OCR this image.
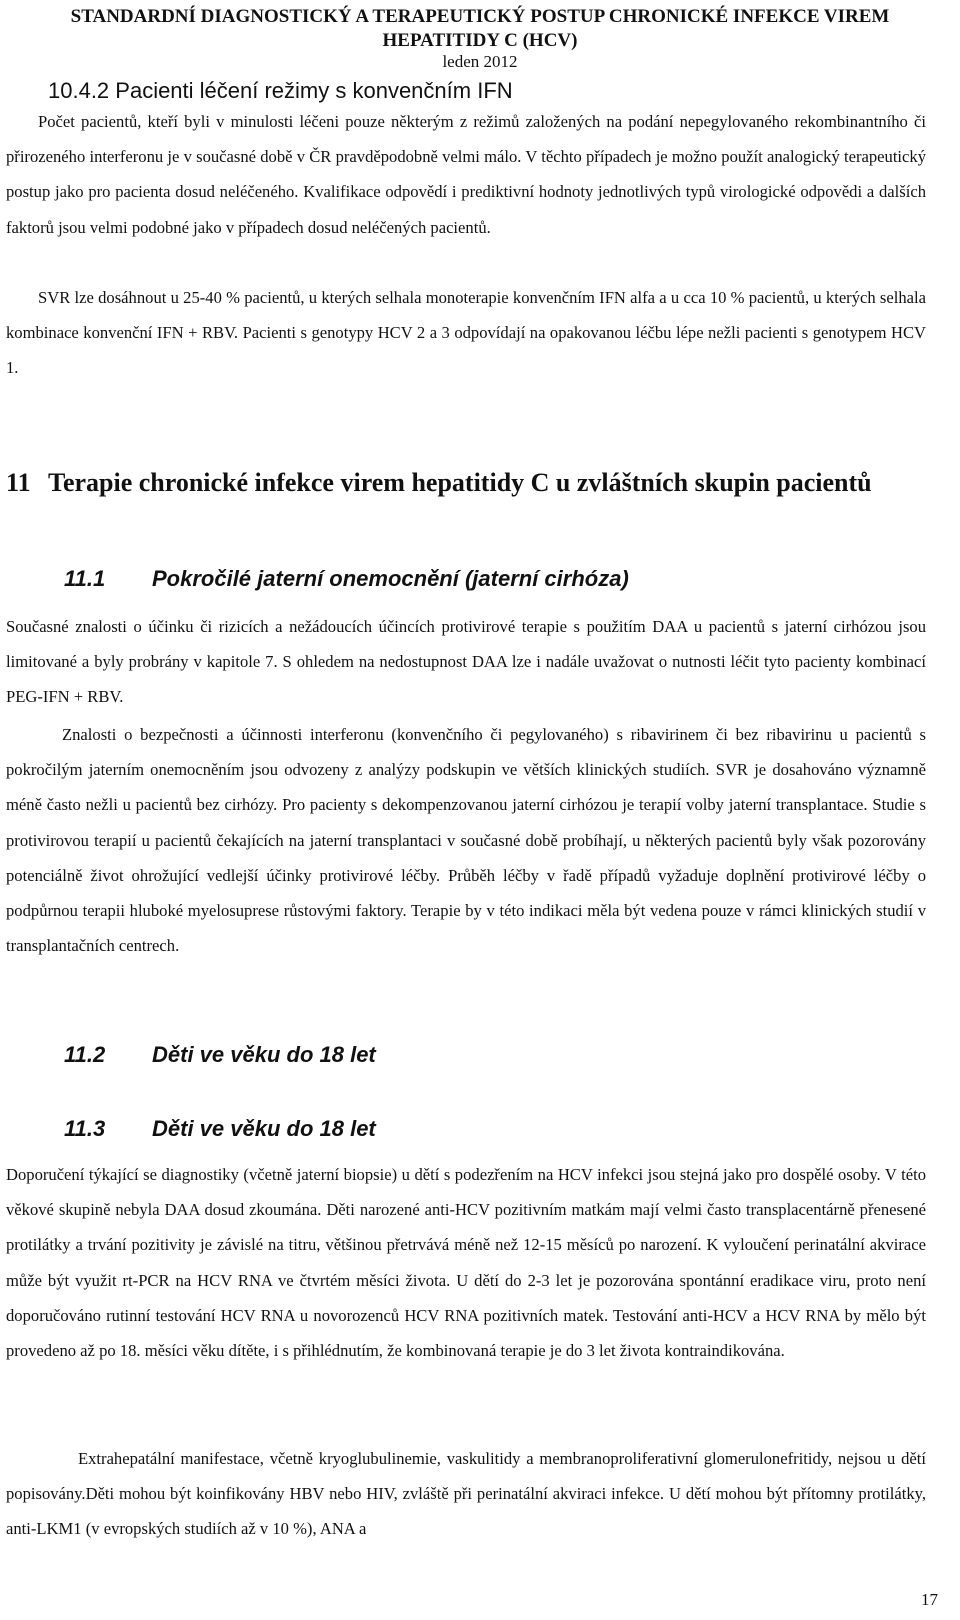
STANDARDNÍ DIAGNOSTICKÝ A TERAPEUTICKÝ POSTUP CHRONICKÉ INFEKCE VIREM
HEPATITIDY C (HCV)
leden 2012
10.4.2 Pacienti léčení režimy s konvenčním IFN
Počet pacientů, kteří byli v minulosti léčeni pouze některým z režimů založených na podání nepegylovaného rekombinantního či přirozeného interferonu je v současné době v ČR pravděpodobně velmi málo. V těchto případech je možno použít analogický terapeutický postup jako pro pacienta dosud neléčeného. Kvalifikace odpovědí i prediktivní hodnoty jednotlivých typů virologické odpovědi a dalších faktorů jsou velmi podobné jako v případech dosud neléčených pacientů.
SVR lze dosáhnout u 25-40 % pacientů, u kterých selhala monoterapie konvenčním IFN alfa a u cca 10 % pacientů, u kterých selhala kombinace konvenční IFN + RBV. Pacienti s genotypy HCV 2 a 3 odpovídají na opakovanou léčbu lépe nežli pacienti s genotypem HCV 1.
11 Terapie chronické infekce virem hepatitidy C u zvláštních skupin pacientů
11.1 Pokročilé jaterní onemocnění (jaterní cirhóza)
Současné znalosti o účinku či rizicích a nežádoucích účincích protivirové terapie s použitím DAA u pacientů s jaterní cirhózou jsou limitované a byly probrány v kapitole 7. S ohledem na nedostupnost DAA lze i nadále uvažovat o nutnosti léčit tyto pacienty kombinací PEG-IFN + RBV.
Znalosti o bezpečnosti a účinnosti interferonu (konvenčního či pegylovaného) s ribavirinem či bez ribavirinu u pacientů s pokročilým jaterním onemocněním jsou odvozeny z analýzy podskupin ve větších klinických studiích. SVR je dosahováno významně méně často nežli u pacientů bez cirhózy. Pro pacienty s dekompenzovanou jaterní cirhózou je terapií volby jaterní transplantace. Studie s protivirovou terapií u pacientů čekajících na jaterní transplantaci v současné době probíhají, u některých pacientů byly však pozorovány potenciálně život ohrožující vedlejší účinky protivirové léčby. Průběh léčby v řadě případů vyžaduje doplnění protivirové léčby o podpůrnou terapii hluboké myelosuprese růstovými faktory. Terapie by v této indikaci měla být vedena pouze v rámci klinických studií v transplantačních centrech.
11.2 Děti ve věku do 18 let
11.3 Děti ve věku do 18 let
Doporučení týkající se diagnostiky (včetně jaterní biopsie) u dětí s podezřením na HCV infekci jsou stejná jako pro dospělé osoby. V této věkové skupině nebyla DAA dosud zkoumána. Děti narozené anti-HCV pozitivním matkám mají velmi často transplacentárně přenesené protilátky a trvání pozitivity je závislé na titru, většinou přetrvává méně než 12-15 měsíců po narození. K vyloučení perinatální akvirace může být využit rt-PCR na HCV RNA ve čtvrtém měsíci života. U dětí do 2-3 let je pozorována spontánní eradikace viru, proto není doporučováno rutinní testování HCV RNA u novorozenců HCV RNA pozitivních matek. Testování anti-HCV a HCV RNA by mělo být provedeno až po 18. měsíci věku dítěte, i s přihlédnutím, že kombinovaná terapie je do 3 let života kontraindikována.
Extrahepatální manifestace, včetně kryoglubulinemie, vaskulitidy a membranoproliferativní glomerulonefritidy, nejsou u dětí popisovány.Děti mohou být koinfikovány HBV nebo HIV, zvláště při perinatální akviraci infekce. U dětí mohou být přítomny protilátky, anti-LKM1 (v evropských studiích až v 10 %), ANA a
17
